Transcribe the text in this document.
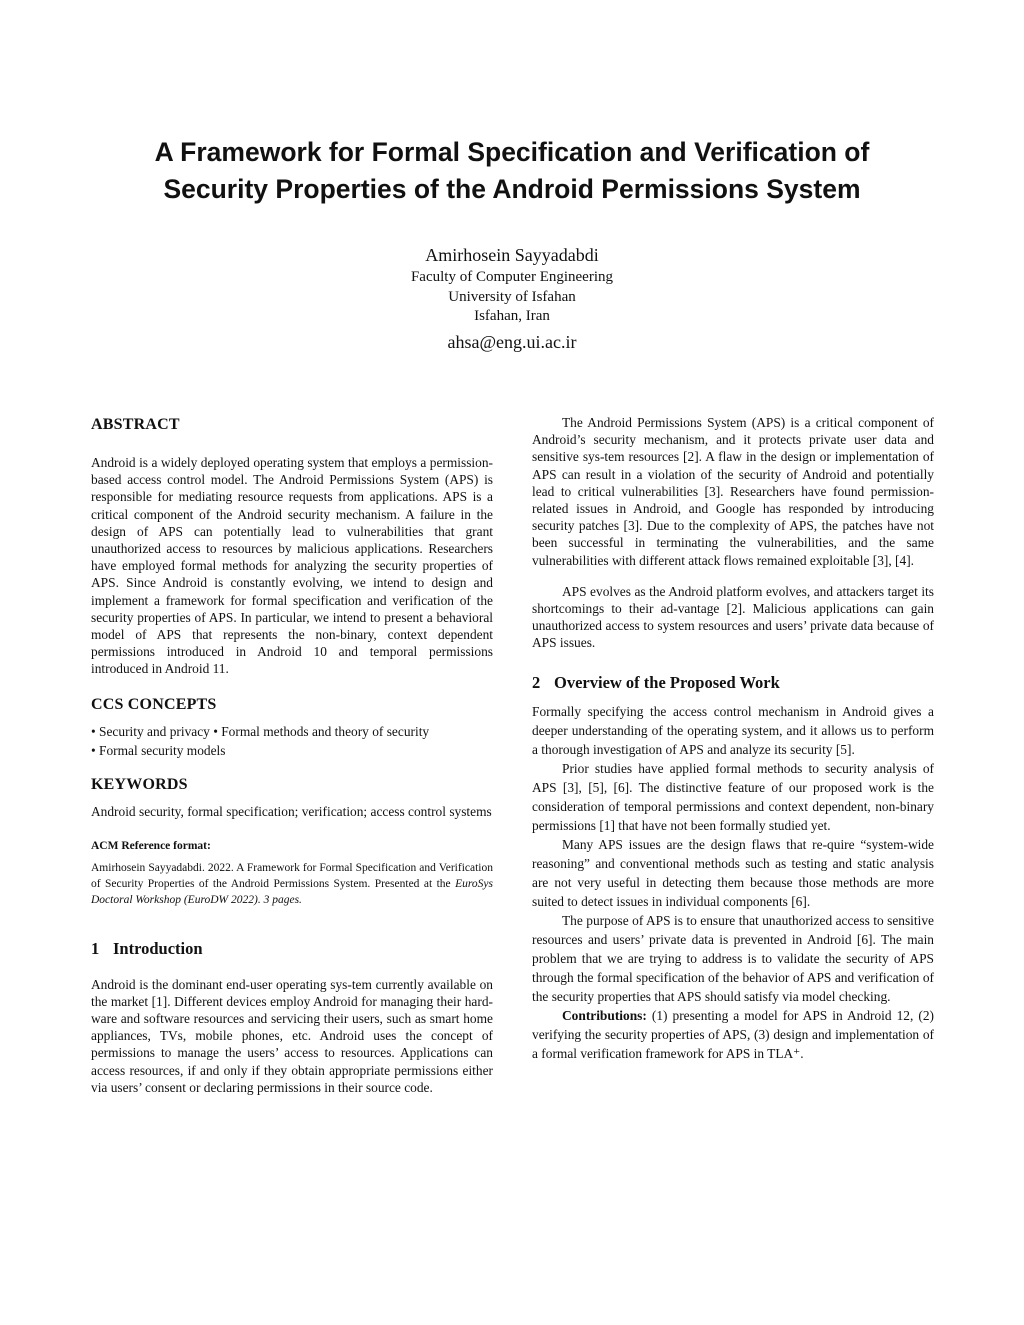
A Framework for Formal Specification and Verification of
Security Properties of the Android Permissions System
Amirhosein Sayyadabdi
Faculty of Computer Engineering
University of Isfahan
Isfahan, Iran
ahsa@eng.ui.ac.ir
ABSTRACT

Android is a widely deployed operating system that employs a permission-based access control model. The Android Permissions System (APS) is responsible for mediating resource requests from applications. APS is a critical component of the Android security mechanism. A failure in the design of APS can potentially lead to vulnerabilities that grant unauthorized access to resources by malicious applications. Researchers have employed formal methods for analyzing the security properties of APS. Since Android is constantly evolving, we intend to design and implement a framework for formal specification and verification of the security properties of APS. In particular, we intend to present a behavioral model of APS that represents the non-binary, context dependent permissions introduced in Android 10 and temporal permissions introduced in Android 11.

CCS CONCEPTS

• Security and privacy • Formal methods and theory of security

• Formal security models

KEYWORDS

Android security, formal specification; verification; access control systems

ACM Reference format:

Amirhosein Sayyadabdi. 2022. A Framework for Formal Specification and Verification of Security Properties of the Android Permissions System. Presented at the EuroSys Doctoral Workshop (EuroDW 2022). 3 pages.

1 Introduction

Android is the dominant end-user operating sys-tem currently available on the market [1]. Different devices employ Android for managing their hard-ware and software resources and servicing their users, such as smart home appliances, TVs, mobile phones, etc. Android uses the concept of permissions to manage the users’ access to resources. Applications can access resources, if and only if they obtain appropriate permissions either via users’ consent or declaring permissions in their source code.

The Android Permissions System (APS) is a critical component of Android’s security mechanism, and it protects private user data and sensitive sys-tem resources [2]. A flaw in the design or implementation of APS can result in a violation of the security of Android and potentially lead to critical vulnerabilities [3]. Researchers have found permission-related issues in Android, and Google has responded by introducing security patches [3]. Due to the complexity of APS, the patches have not been successful in terminating the vulnerabilities, and the same vulnerabilities with different attack flows remained exploitable [3], [4].

APS evolves as the Android platform evolves, and attackers target its shortcomings to their ad-vantage [2]. Malicious applications can gain unauthorized access to system resources and users’ private data because of APS issues.

2 Overview of the Proposed Work

Formally specifying the access control mechanism in Android gives a deeper understanding of the operating system, and it allows us to perform a thorough investigation of APS and analyze its security [5].

Prior studies have applied formal methods to security analysis of APS [3], [5], [6]. The distinctive feature of our proposed work is the consideration of temporal permissions and context dependent, non-binary permissions [1] that have not been formally studied yet.

Many APS issues are the design flaws that re-quire “system-wide reasoning” and conventional methods such as testing and static analysis are not very useful in detecting them because those methods are more suited to detect issues in individual components [6].

The purpose of APS is to ensure that unauthorized access to sensitive resources and users’ private data is prevented in Android [6]. The main problem that we are trying to address is to validate the security of APS through the formal specification of the behavior of APS and verification of the security properties that APS should satisfy via model checking.

Contributions: (1) presenting a model for APS in Android 12, (2) verifying the security properties of APS, (3) design and implementation of a formal verification framework for APS in TLA⁺.
